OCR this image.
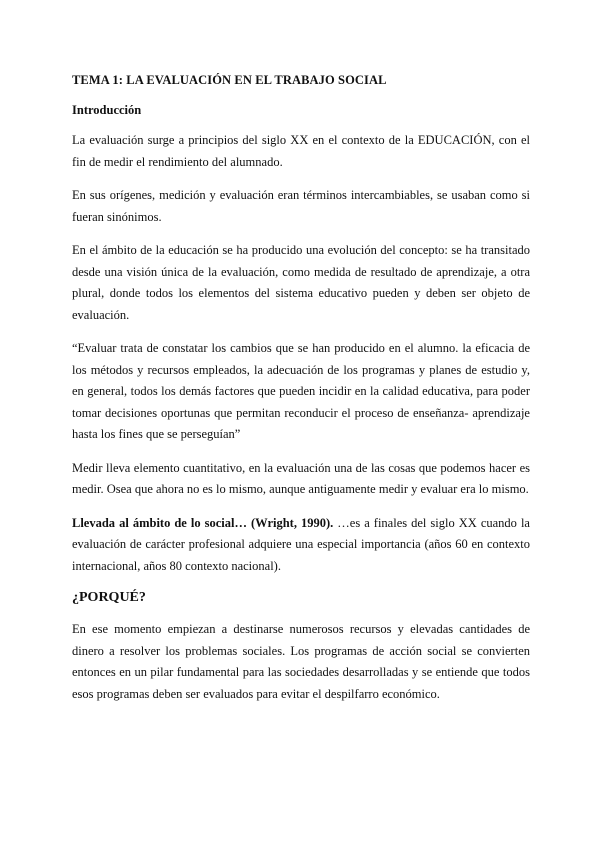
TEMA 1: LA EVALUACIÓN EN EL TRABAJO SOCIAL
Introducción

La evaluación surge a principios del siglo XX en el contexto de la EDUCACIÓN, con el fin de medir el rendimiento del alumnado.

En sus orígenes, medición y evaluación eran términos intercambiables, se usaban como si fueran sinónimos.

En el ámbito de la educación se ha producido una evolución del concepto: se ha transitado desde una visión única de la evaluación, como medida de resultado de aprendizaje, a otra plural, donde todos los elementos del sistema educativo pueden y deben ser objeto de evaluación.

“Evaluar trata de constatar los cambios que se han producido en el alumno. la eficacia de los métodos y recursos empleados, la adecuación de los programas y planes de estudio y, en general, todos los demás factores que pueden incidir en la calidad educativa, para poder tomar decisiones oportunas que permitan reconducir el proceso de enseñanza- aprendizaje hasta los fines que se perseguían”

Medir lleva elemento cuantitativo, en la evaluación una de las cosas que podemos hacer es medir. Osea que ahora no es lo mismo, aunque antiguamente medir y evaluar era lo mismo.

Llevada al ámbito de lo social… (Wright, 1990). …es a finales del siglo XX cuando la evaluación de carácter profesional adquiere una especial importancia (años 60 en contexto internacional, años 80 contexto nacional).

¿PORQUÉ?

En ese momento empiezan a destinarse numerosos recursos y elevadas cantidades de dinero a resolver los problemas sociales. Los programas de acción social se convierten entonces en un pilar fundamental para las sociedades desarrolladas y se entiende que todos esos programas deben ser evaluados para evitar el despilfarro económico.
